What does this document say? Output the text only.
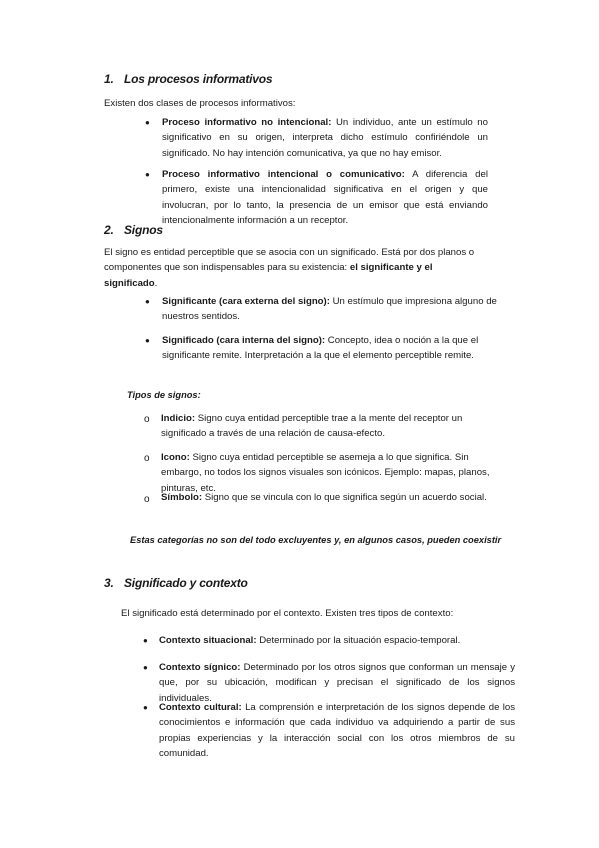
1. Los procesos informativos

Existen dos clases de procesos informativos:

● Proceso informativo no intencional: Un individuo, ante un estímulo no significativo en su origen, interpreta dicho estímulo confiriéndole un significado. No hay intención comunicativa, ya que no hay emisor.

● Proceso informativo intencional o comunicativo: A diferencia del primero, existe una intencionalidad significativa en el origen y que involucran, por lo tanto, la presencia de un emisor que está enviando intencionalmente información a un receptor.

2. Signos

El signo es entidad perceptible que se asocia con un significado. Está por dos planos o componentes que son indispensables para su existencia: el significante y el significado.

● Significante (cara externa del signo): Un estímulo que impresiona alguno de nuestros sentidos.

● Significado (cara interna del signo): Concepto, idea o noción a la que el significante remite. Interpretación a la que el elemento perceptible remite.

Tipos de signos:

o Indicio: Signo cuya entidad perceptible trae a la mente del receptor un significado a través de una relación de causa-efecto.

o Icono: Signo cuya entidad perceptible se asemeja a lo que significa. Sin embargo, no todos los signos visuales son icónicos. Ejemplo: mapas, planos, pinturas, etc.

o Símbolo: Signo que se vincula con lo que significa según un acuerdo social.

Estas categorías no son del todo excluyentes y, en algunos casos, pueden coexistir

3. Significado y contexto

El significado está determinado por el contexto. Existen tres tipos de contexto:

● Contexto situacional: Determinado por la situación espacio-temporal.

● Contexto sígnico: Determinado por los otros signos que conforman un mensaje y que, por su ubicación, modifican y precisan el significado de los signos individuales.

● Contexto cultural: La comprensión e interpretación de los signos depende de los conocimientos e información que cada individuo va adquiriendo a partir de sus propias experiencias y la interacción social con los otros miembros de su comunidad.
